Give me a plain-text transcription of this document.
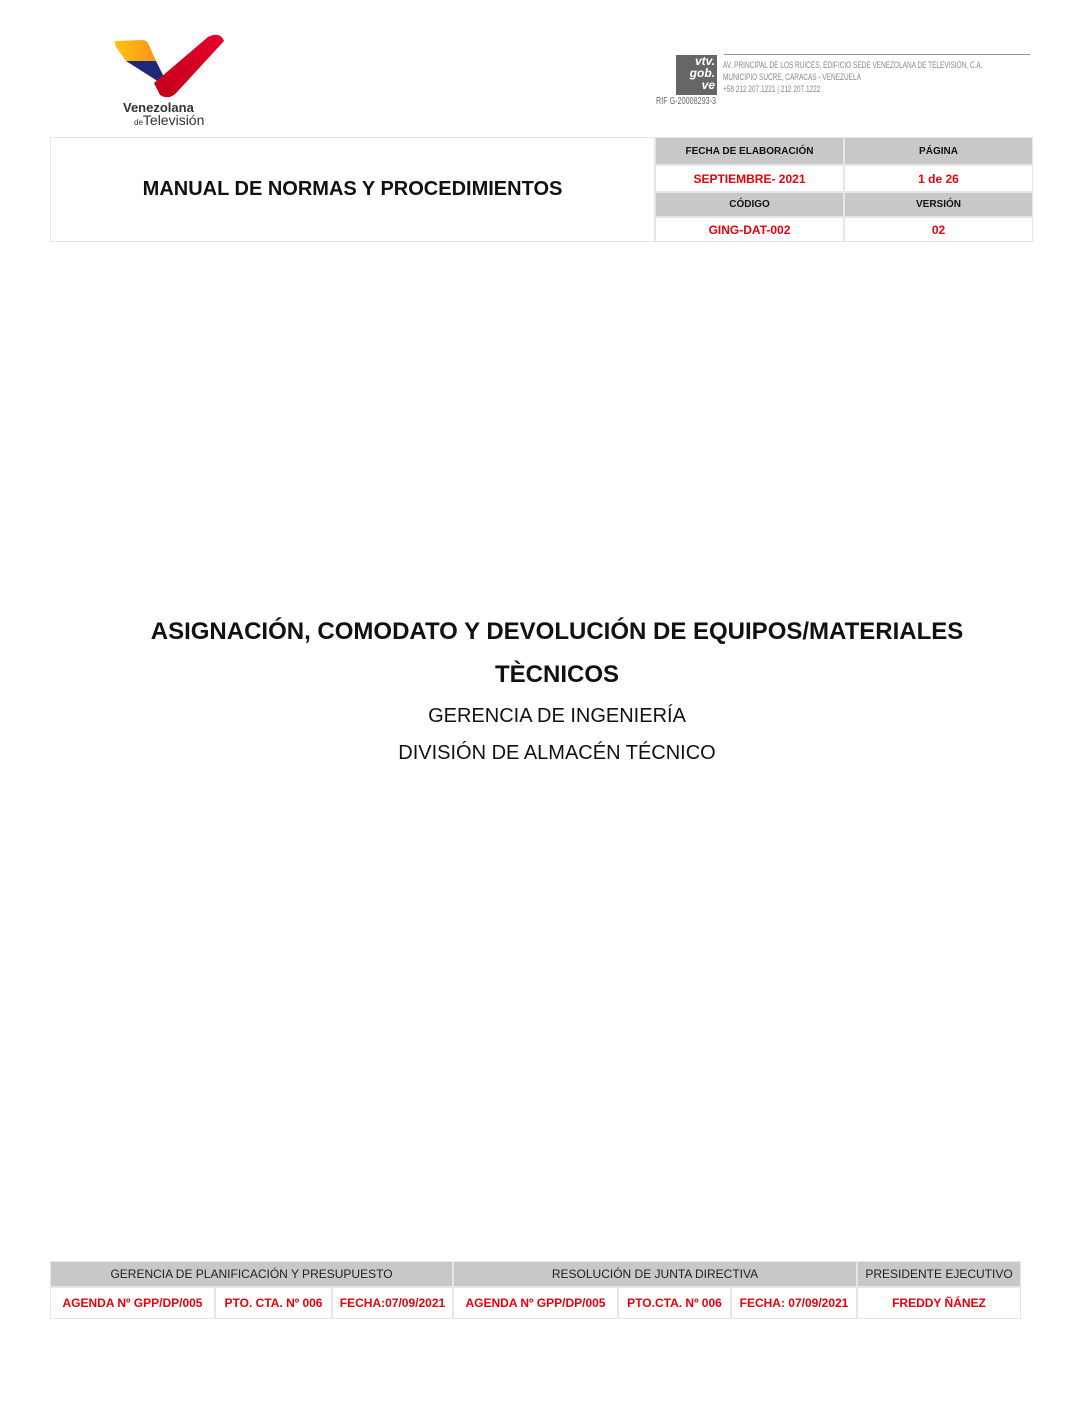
Venezolana
deTelevisión
vtv.
gob.
ve
AV. PRINCIPAL DE LOS RUICES, EDIFICIO SEDE VENEZOLANA DE TELEVISIÓN, C.A.
MUNICIPIO SUCRE, CARACAS - VENEZUELA
+58 212 207.1221 | 212 207.1222
RIF G-20008293-3
MANUAL DE NORMAS Y PROCEDIMIENTOS
FECHA DE ELABORACIÓN	PÁGINA
SEPTIEMBRE- 2021	1 de 26
CÓDIGO	VERSIÓN
GING-DAT-002	02
ASIGNACIÓN, COMODATO Y DEVOLUCIÓN DE EQUIPOS/MATERIALES
TÈCNICOS
GERENCIA DE INGENIERÍA
DIVISIÓN DE ALMACÉN TÉCNICO
GERENCIA DE PLANIFICACIÓN Y PRESUPUESTO	RESOLUCIÓN DE JUNTA DIRECTIVA	PRESIDENTE EJECUTIVO
AGENDA Nº GPP/DP/005	PTO. CTA. Nº 006	FECHA:07/09/2021	AGENDA Nº GPP/DP/005	PTO.CTA. Nº 006	FECHA: 07/09/2021	FREDDY ÑÁNEZ
